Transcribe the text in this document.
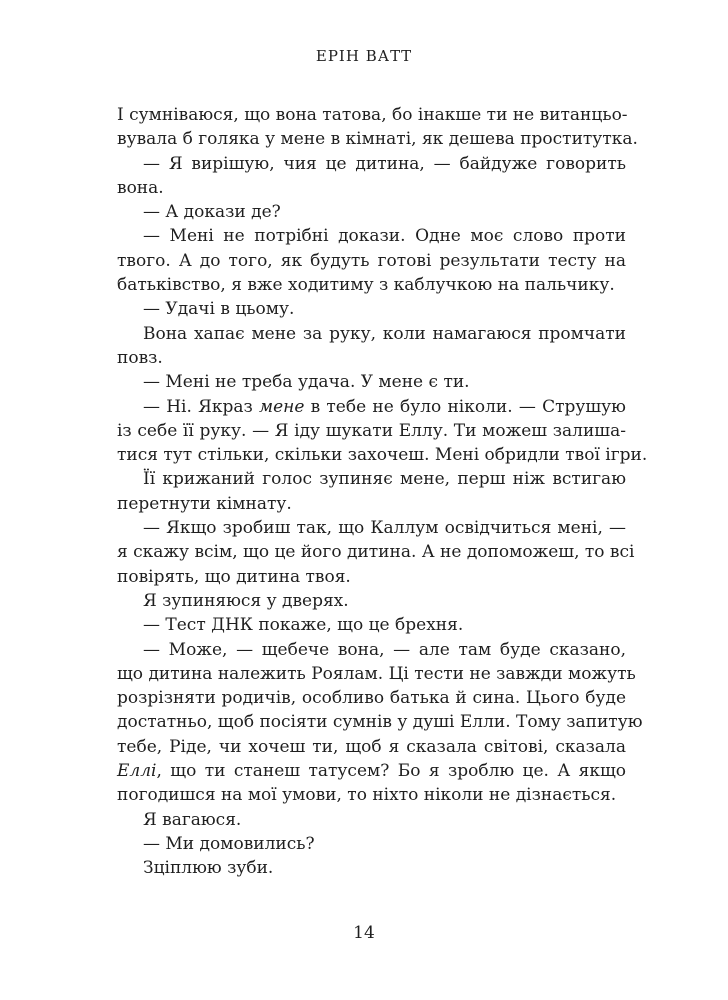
ЕРІН ВАТТ
І сумніваюся, що вона татова, бо інакше ти не витанцьо-
вувала б голяка у мене в кімнаті, як дешева проститутка.
— Я вирішую, чия це дитина, — байдуже говорить
вона.
— А докази де?
— Мені не потрібні докази. Одне моє слово проти
твого. А до того, як будуть готові результати тесту на
батьківство, я вже ходитиму з каблучкою на пальчику.
— Удачі в цьому.
Вона хапає мене за руку, коли намагаюся промчати
повз.
— Мені не треба удача. У мене є ти.
— Ні. Якраз мене в тебе не було ніколи. — Струшую
із себе її руку. — Я іду шукати Еллу. Ти можеш залиша-
тися тут стільки, скільки захочеш. Мені обридли твої ігри.
Її крижаний голос зупиняє мене, перш ніж встигаю
перетнути кімнату.
— Якщо зробиш так, що Каллум освідчиться мені, —
я скажу всім, що це його дитина. А не допоможеш, то всі
повірять, що дитина твоя.
Я зупиняюся у дверях.
— Тест ДНК покаже, що це брехня.
— Може, — щебече вона, — але там буде сказано,
що дитина належить Роялам. Ці тести не завжди можуть
розрізняти родичів, особливо батька й сина. Цього буде
достатньо, щоб посіяти сумнів у душі Елли. Тому запитую
тебе, Ріде, чи хочеш ти, щоб я сказала світові, сказала
Еллі, що ти станеш татусем? Бо я зроблю це. А якщо
погодишся на мої умови, то ніхто ніколи не дізнається.
Я вагаюся.
— Ми домовились?
Зціплюю зуби.
14
